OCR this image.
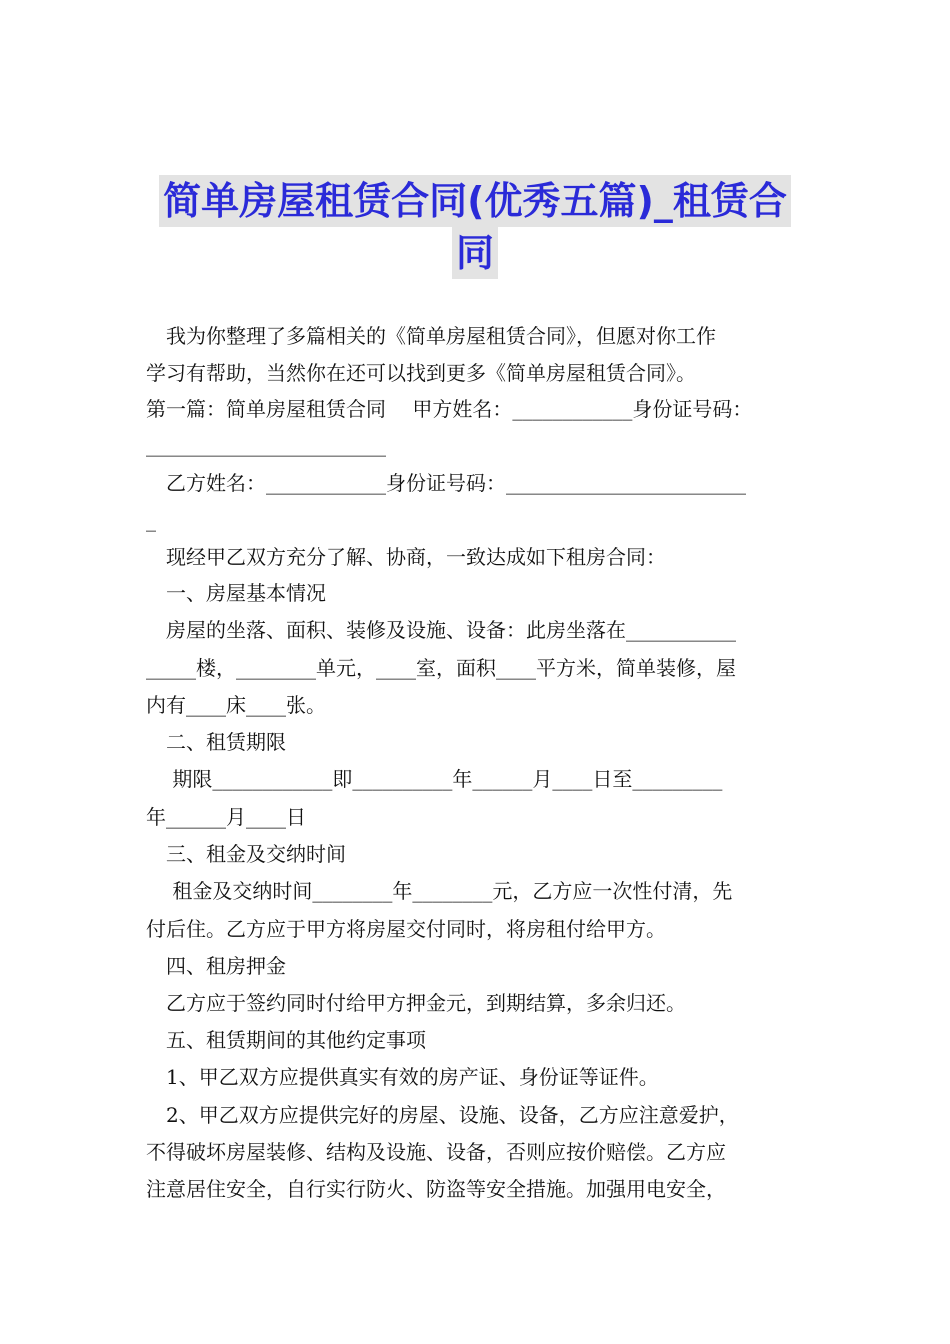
简单房屋租赁合同(优秀五篇)_租赁合
同
　我为你整理了多篇相关的《简单房屋租赁合同》，但愿对你工作
学习有帮助，当然你在还可以找到更多《简单房屋租赁合同》。
第一篇：简单房屋租赁合同　 甲方姓名：____________身份证号码：
________________________
　乙方姓名：____________身份证号码：________________________
_
　现经甲乙双方充分了解、协商，一致达成如下租房合同：
　一、房屋基本情况
　房屋的坐落、面积、装修及设施、设备：此房坐落在___________
_____楼，________单元，____室，面积____平方米，简单装修，屋
内有____床____张。
　二、租赁期限
　 期限____________即__________年______月____日至_________
年______月____日
　三、租金及交纳时间
　 租金及交纳时间________年________元，乙方应一次性付清，先
付后住。乙方应于甲方将房屋交付同时，将房租付给甲方。
　四、租房押金
　乙方应于签约同时付给甲方押金元，到期结算，多余归还。
　五、租赁期间的其他约定事项
　1、甲乙双方应提供真实有效的房产证、身份证等证件。
　2、甲乙双方应提供完好的房屋、设施、设备，乙方应注意爱护，
不得破坏房屋装修、结构及设施、设备，否则应按价赔偿。乙方应
注意居住安全，自行实行防火、防盗等安全措施。加强用电安全，
